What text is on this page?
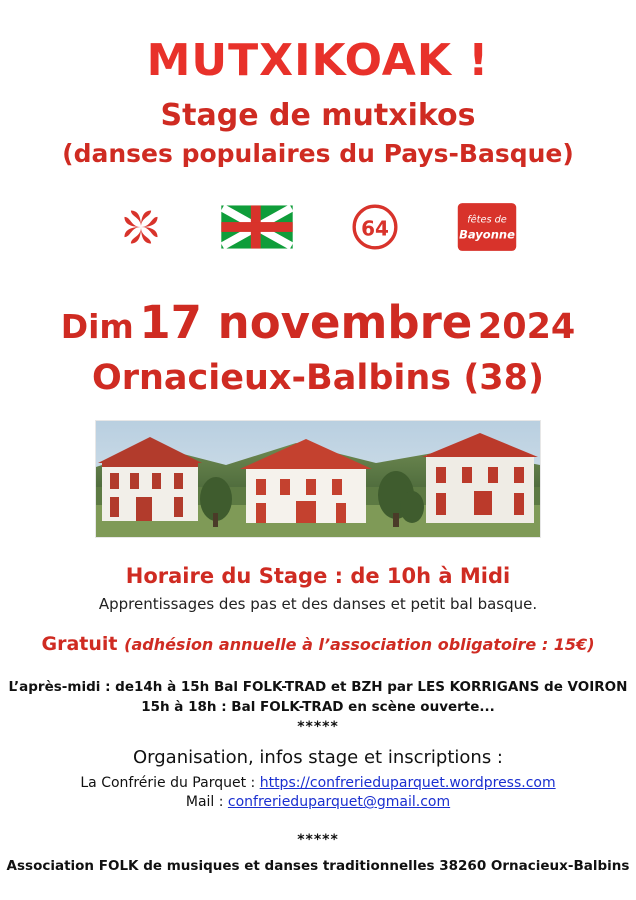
MUTXIKOAK !
Stage de mutxikos
(danses populaires du Pays-Basque)
64	fêtes de
Bayonne
Dim 17 novembre 2024
Ornacieux-Balbins (38)
Horaire du Stage : de 10h à Midi
Apprentissages des pas et des danses et petit bal basque.
Gratuit (adhésion annuelle à l’association obligatoire : 15€)
L’après-midi : de14h à 15h Bal FOLK-TRAD et BZH par LES KORRIGANS de VOIRON
15h à 18h : Bal FOLK-TRAD en scène ouverte...
*****
Organisation, infos stage et inscriptions :
La Confrérie du Parquet : https://confrerieduparquet.wordpress.com
Mail : confrerieduparquet@gmail.com
*****
Association FOLK de musiques et danses traditionnelles 38260 Ornacieux-Balbins
